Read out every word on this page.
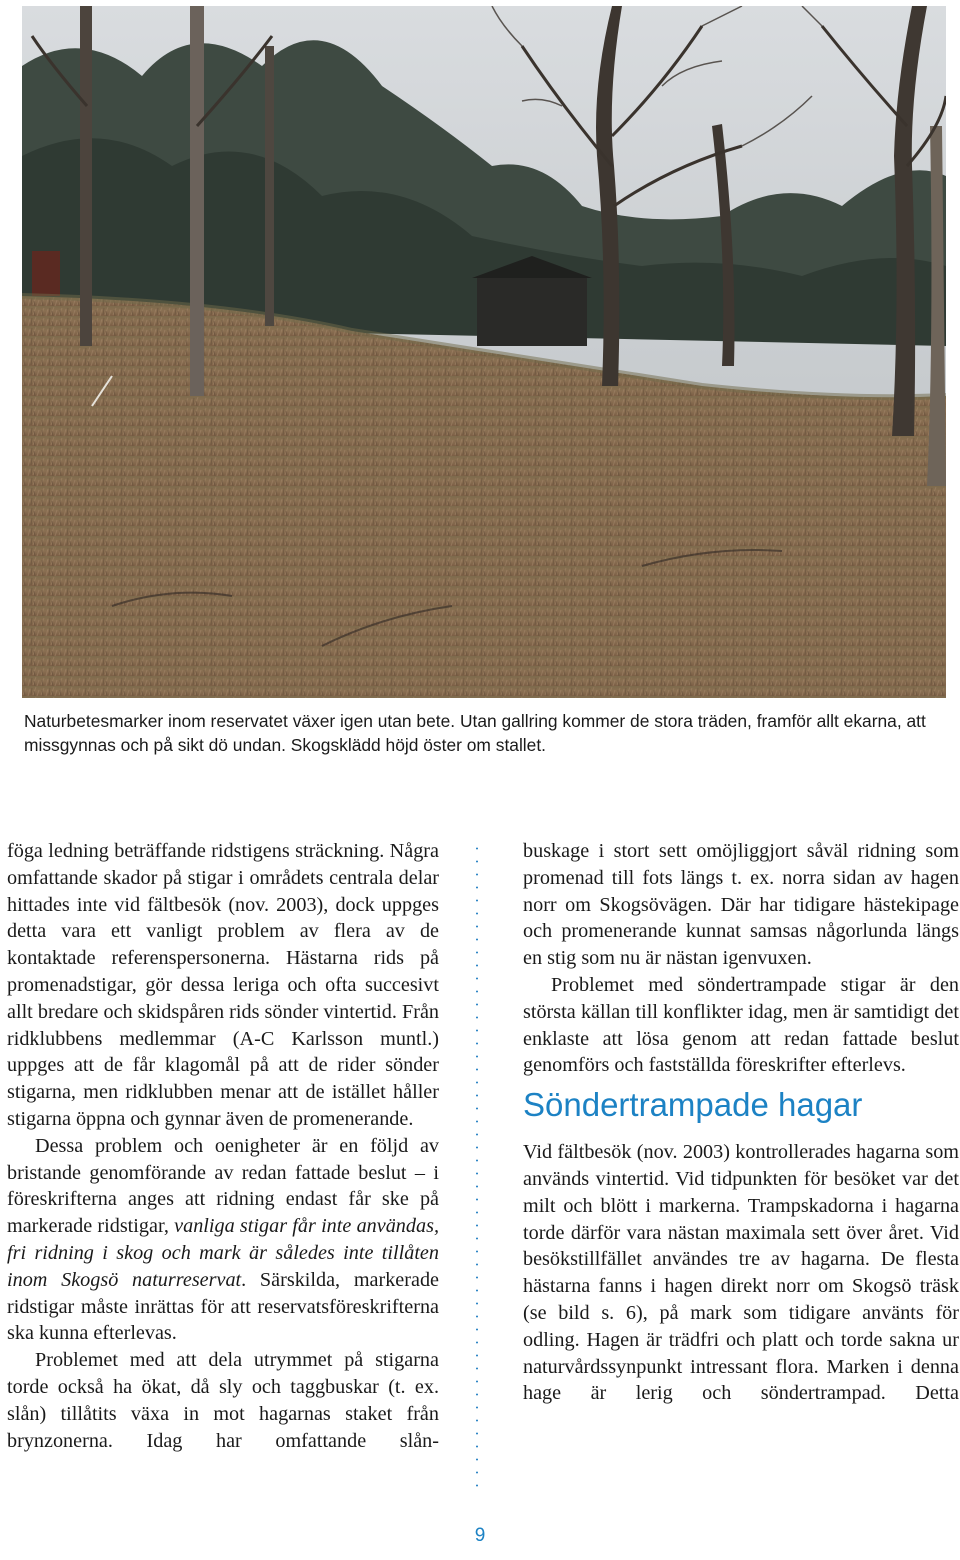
Naturbetesmarker inom reservatet växer igen utan bete. Utan gallring kommer de stora träden, framför allt ekarna, att missgynnas och på sikt dö undan. Skogsklädd höjd öster om stallet.

föga ledning beträffande ridstigens sträckning. Några omfattande skador på stigar i områdets centrala delar hittades inte vid fältbesök (nov. 2003), dock uppges detta vara ett vanligt problem av flera av de kontaktade referenspersonerna. Hästarna rids på promenadstigar, gör dessa leriga och ofta succesivt allt bredare och skidspåren rids sönder vintertid. Från ridklubbens medlemmar (A-C Karlsson muntl.) uppges att de får klagomål på att de rider sönder stigarna, men ridklubben menar att de istället håller stigarna öppna och gynnar även de promenerande.

Dessa problem och oenigheter är en följd av bristande genomförande av redan fattade beslut – i föreskrifterna anges att ridning endast får ske på markerade ridstigar, vanliga stigar får inte användas, fri ridning i skog och mark är således inte tillåten inom Skogsö naturreservat. Särskilda, markerade ridstigar måste inrättas för att reservatsföreskrifterna ska kunna efterlevas.

Problemet med att dela utrymmet på stigarna torde också ha ökat, då sly och taggbuskar (t. ex. slån) tillåtits växa in mot hagarnas staket från brynzonerna. Idag har omfattande slån-

buskage i stort sett omöjliggjort såväl ridning som promenad till fots längs t. ex. norra sidan av hagen norr om Skogsövägen. Där har tidigare hästekipage och promenerande kunnat samsas någorlunda längs en stig som nu är nästan igenvuxen.

Problemet med söndertrampade stigar är den största källan till konflikter idag, men är samtidigt det enklaste att lösa genom att redan fattade beslut genomförs och fastställda föreskrifter efterlevs.

Söndertrampade hagar

Vid fältbesök (nov. 2003) kontrollerades hagarna som används vintertid. Vid tidpunkten för besöket var det milt och blött i markerna. Trampskadorna i hagarna torde därför vara nästan maximala sett över året. Vid besökstillfället användes tre av hagarna. De flesta hästarna fanns i hagen direkt norr om Skogsö träsk (se bild s. 6), på mark som tidigare använts för odling. Hagen är trädfri och platt och torde sakna ur naturvårdssynpunkt intressant flora. Marken i denna hage är lerig och söndertrampad. Detta

9
